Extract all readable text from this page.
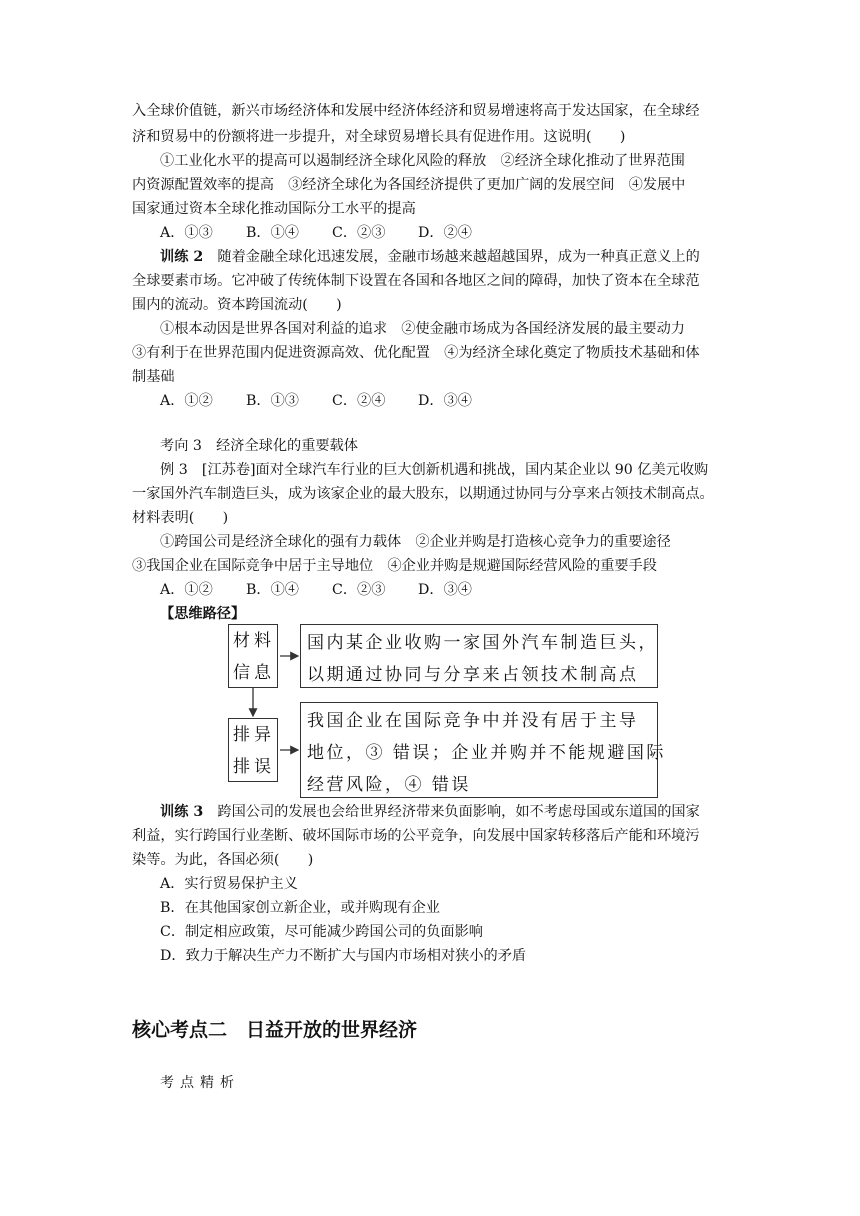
入全球价值链，新兴市场经济体和发展中经济体经济和贸易增速将高于发达国家，在全球经
济和贸易中的份额将进一步提升，对全球贸易增长具有促进作用。这说明(　　)
①工业化水平的提高可以遏制经济全球化风险的释放　②经济全球化推动了世界范围
内资源配置效率的提高　③经济全球化为各国经济提供了更加广阔的发展空间　④发展中
国家通过资本全球化推动国际分工水平的提高
A．①③ B．①④ C．②③ D．②④
训练 2　 随着金融全球化迅速发展，金融市场越来越超越国界，成为一种真正意义上的
全球要素市场。它冲破了传统体制下设置在各国和各地区之间的障碍，加快了资本在全球范
围内的流动。资本跨国流动(　　)
①根本动因是世界各国对利益的追求　②使金融市场成为各国经济发展的最主要动力
③有利于在世界范围内促进资源高效、优化配置　④为经济全球化奠定了物质技术基础和体
制基础
A．①② B．①③ C．②④ D．③④
考向 3　经济全球化的重要载体
例 3　[江苏卷]面对全球汽车行业的巨大创新机遇和挑战，国内某企业以 90 亿美元收购
一家国外汽车制造巨头，成为该家企业的最大股东，以期通过协同与分享来占领技术制高点。
材料表明(　　)
①跨国公司是经济全球化的强有力载体　②企业并购是打造核心竞争力的重要途径
③我国企业在国际竞争中居于主导地位　④企业并购是规避国际经营风险的重要手段
A．①② B．①④ C．②③ D．③④
【思维路径】
材料
信息
国内某企业收购一家国外汽车制造巨头，
以期通过协同与分享来占领技术制高点
排异
排误
我国企业在国际竞争中并没有居于主导
地位，③ 错误；企业并购并不能规避国际
经营风险，④ 错误
训练 3　 跨国公司的发展也会给世界经济带来负面影响，如不考虑母国或东道国的国家
利益，实行跨国行业垄断、破坏国际市场的公平竞争，向发展中国家转移落后产能和环境污
染等。为此，各国必须(　　)
A．实行贸易保护主义
B．在其他国家创立新企业，或并购现有企业
C．制定相应政策，尽可能减少跨国公司的负面影响
D．致力于解决生产力不断扩大与国内市场相对狭小的矛盾
核心考点二　日益开放的世界经济
考点精析
